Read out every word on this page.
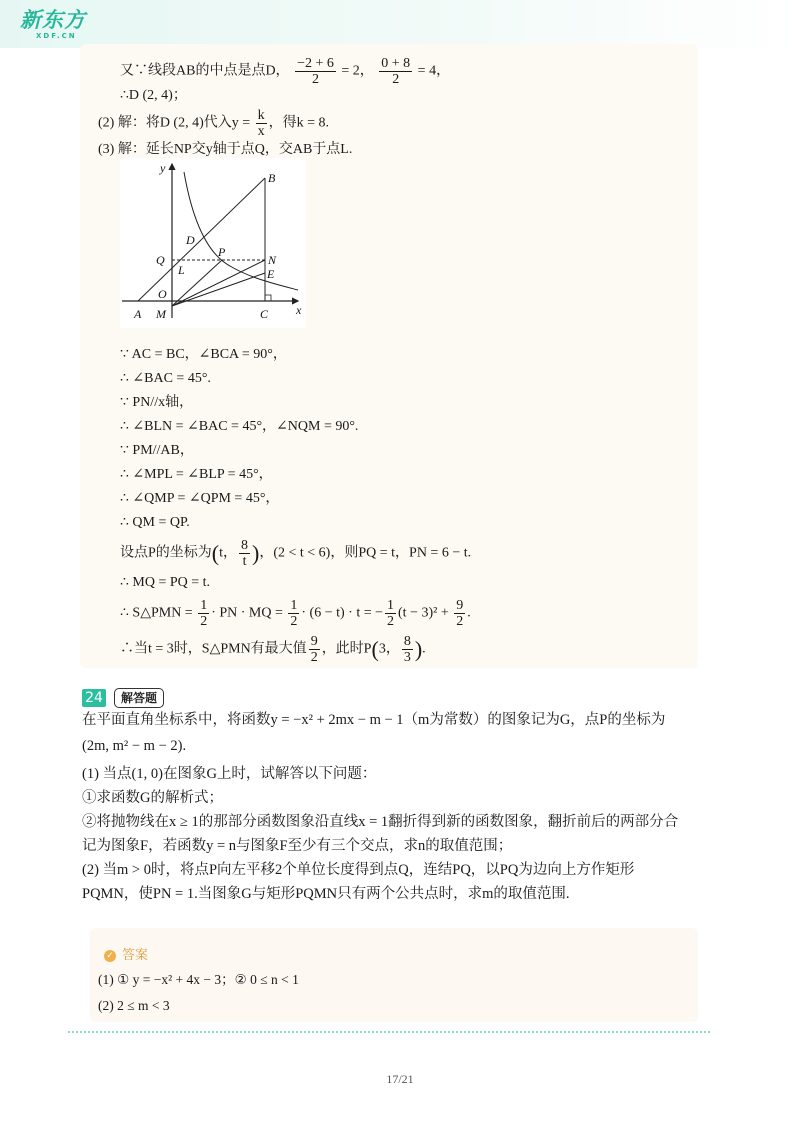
新东方
XDF.CN
又∵线段AB的中点是点D， $\frac{-2 + 6}{2} = 2$， $\frac{0 + 8}{2} = 4$，
∴D (2, 4)；
(2) 解：将D (2, 4)代入$y = \frac{k}{x}$ ，得k = 8.
(3) 解：延长NP交y轴于点Q，交AB于点L.
y
x
B
D
P
Q	N
L	E
O
A M	C
∵ AC = BC，∠BCA = 90°，
∴ ∠BAC = 45°.
∵ PN//x轴，
∴ ∠BLN = ∠BAC = 45°，∠NQM = 90°.
∵ PM//AB，
∴ ∠MPL = ∠BLP = 45°，
∴ ∠QMP = ∠QPM = 45°，
∴ QM = QP.
设点P的坐标为(t， $\frac{8}{t}$ )，(2 < t < 6)，则PQ = t，PN = 6 − t.
∴ MQ = PQ = t.
∴ S△PMN = $\frac{1}{2}$ · PN · MQ = $\frac{1}{2} \cdot (6 - t) \cdot t$ = − $\frac{1}{2} (t - 3)^2 + \frac{9}{2}$ .
∴当t = 3时，S△PMN有最大值 $\frac{9}{2}$ ，此时P(3， $\frac{8}{3}$ ).
24	解答题
在平面直角坐标系中，将函数y = −x² + 2mx − m − 1（m为常数）的图象记为G，点P的坐标为
(2m, m² − m − 2).
(1) 当点(1, 0)在图象G上时，试解答以下问题：
①求函数G的解析式；
②将抛物线在x ≥ 1的那部分函数图象沿直线x = 1翻折得到新的函数图象，翻折前后的两部分合
记为图象F，若函数y = n与图象F至少有三个交点，求n的取值范围；
(2) 当m > 0时，将点P向左平移2个单位长度得到点Q，连结PQ，以PQ为边向上方作矩形
PQMN，使PN = 1.当图象G与矩形PQMN只有两个公共点时，求m的取值范围.
✓ 答案
(1) ① y = −x² + 4x − 3；② 0 ≤ n < 1
(2) 2 ≤ m < 3
17/21
